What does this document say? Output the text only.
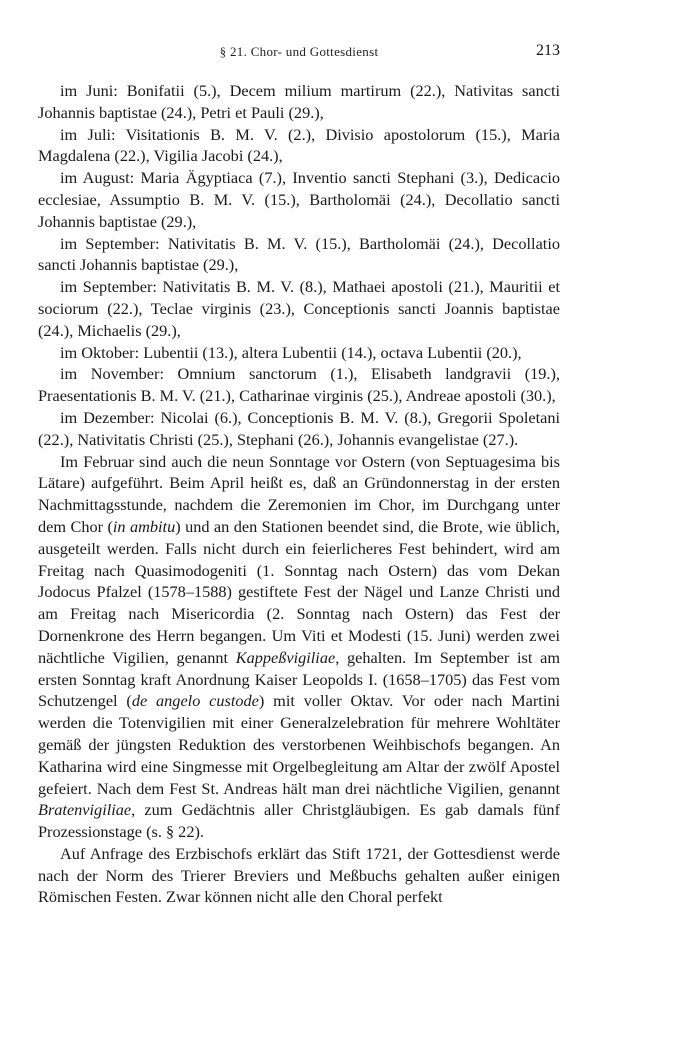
§ 21. Chor- und Gottesdienst	213

im Juni: Bonifatii (5.), Decem milium martirum (22.), Nativitas sancti Johannis baptistae (24.), Petri et Pauli (29.),

im Juli: Visitationis B. M. V. (2.), Divisio apostolorum (15.), Maria Magdalena (22.), Vigilia Jacobi (24.),

im August: Maria Ägyptiaca (7.), Inventio sancti Stephani (3.), Dedicacio ecclesiae, Assumptio B. M. V. (15.), Bartholomäi (24.), Decollatio sancti Johannis baptistae (29.),

im September: Nativitatis B. M. V. (15.), Bartholomäi (24.), Decollatio sancti Johannis baptistae (29.),

im September: Nativitatis B. M. V. (8.), Mathaei apostoli (21.), Mauritii et sociorum (22.), Teclae virginis (23.), Conceptionis sancti Joannis baptistae (24.), Michaelis (29.),

im Oktober: Lubentii (13.), altera Lubentii (14.), octava Lubentii (20.),

im November: Omnium sanctorum (1.), Elisabeth landgravii (19.), Praesentationis B. M. V. (21.), Catharinae virginis (25.), Andreae apostoli (30.),

im Dezember: Nicolai (6.), Conceptionis B. M. V. (8.), Gregorii Spoletani (22.), Nativitatis Christi (25.), Stephani (26.), Johannis evangelistae (27.).

Im Februar sind auch die neun Sonntage vor Ostern (von Septuagesima bis Lätare) aufgeführt. Beim April heißt es, daß an Gründonnerstag in der ersten Nachmittagsstunde, nachdem die Zeremonien im Chor, im Durchgang unter dem Chor (in ambitu) und an den Stationen beendet sind, die Brote, wie üblich, ausgeteilt werden. Falls nicht durch ein feierlicheres Fest behindert, wird am Freitag nach Quasimodogeniti (1. Sonntag nach Ostern) das vom Dekan Jodocus Pfalzel (1578–1588) gestiftete Fest der Nägel und Lanze Christi und am Freitag nach Misericordia (2. Sonntag nach Ostern) das Fest der Dornenkrone des Herrn begangen. Um Viti et Modesti (15. Juni) werden zwei nächtliche Vigilien, genannt Kappeßvigiliae, gehalten. Im September ist am ersten Sonntag kraft Anordnung Kaiser Leopolds I. (1658–1705) das Fest vom Schutzengel (de angelo custode) mit voller Oktav. Vor oder nach Martini werden die Totenvigilien mit einer Generalzelebration für mehrere Wohltäter gemäß der jüngsten Reduktion des verstorbenen Weihbischofs begangen. An Katharina wird eine Singmesse mit Orgelbegleitung am Altar der zwölf Apostel gefeiert. Nach dem Fest St. Andreas hält man drei nächtliche Vigilien, genannt Bratenvigiliae, zum Gedächtnis aller Christgläubigen. Es gab damals fünf Prozessionstage (s. § 22).

Auf Anfrage des Erzbischofs erklärt das Stift 1721, der Gottesdienst werde nach der Norm des Trierer Breviers und Meßbuchs gehalten außer einigen Römischen Festen. Zwar können nicht alle den Choral perfekt
